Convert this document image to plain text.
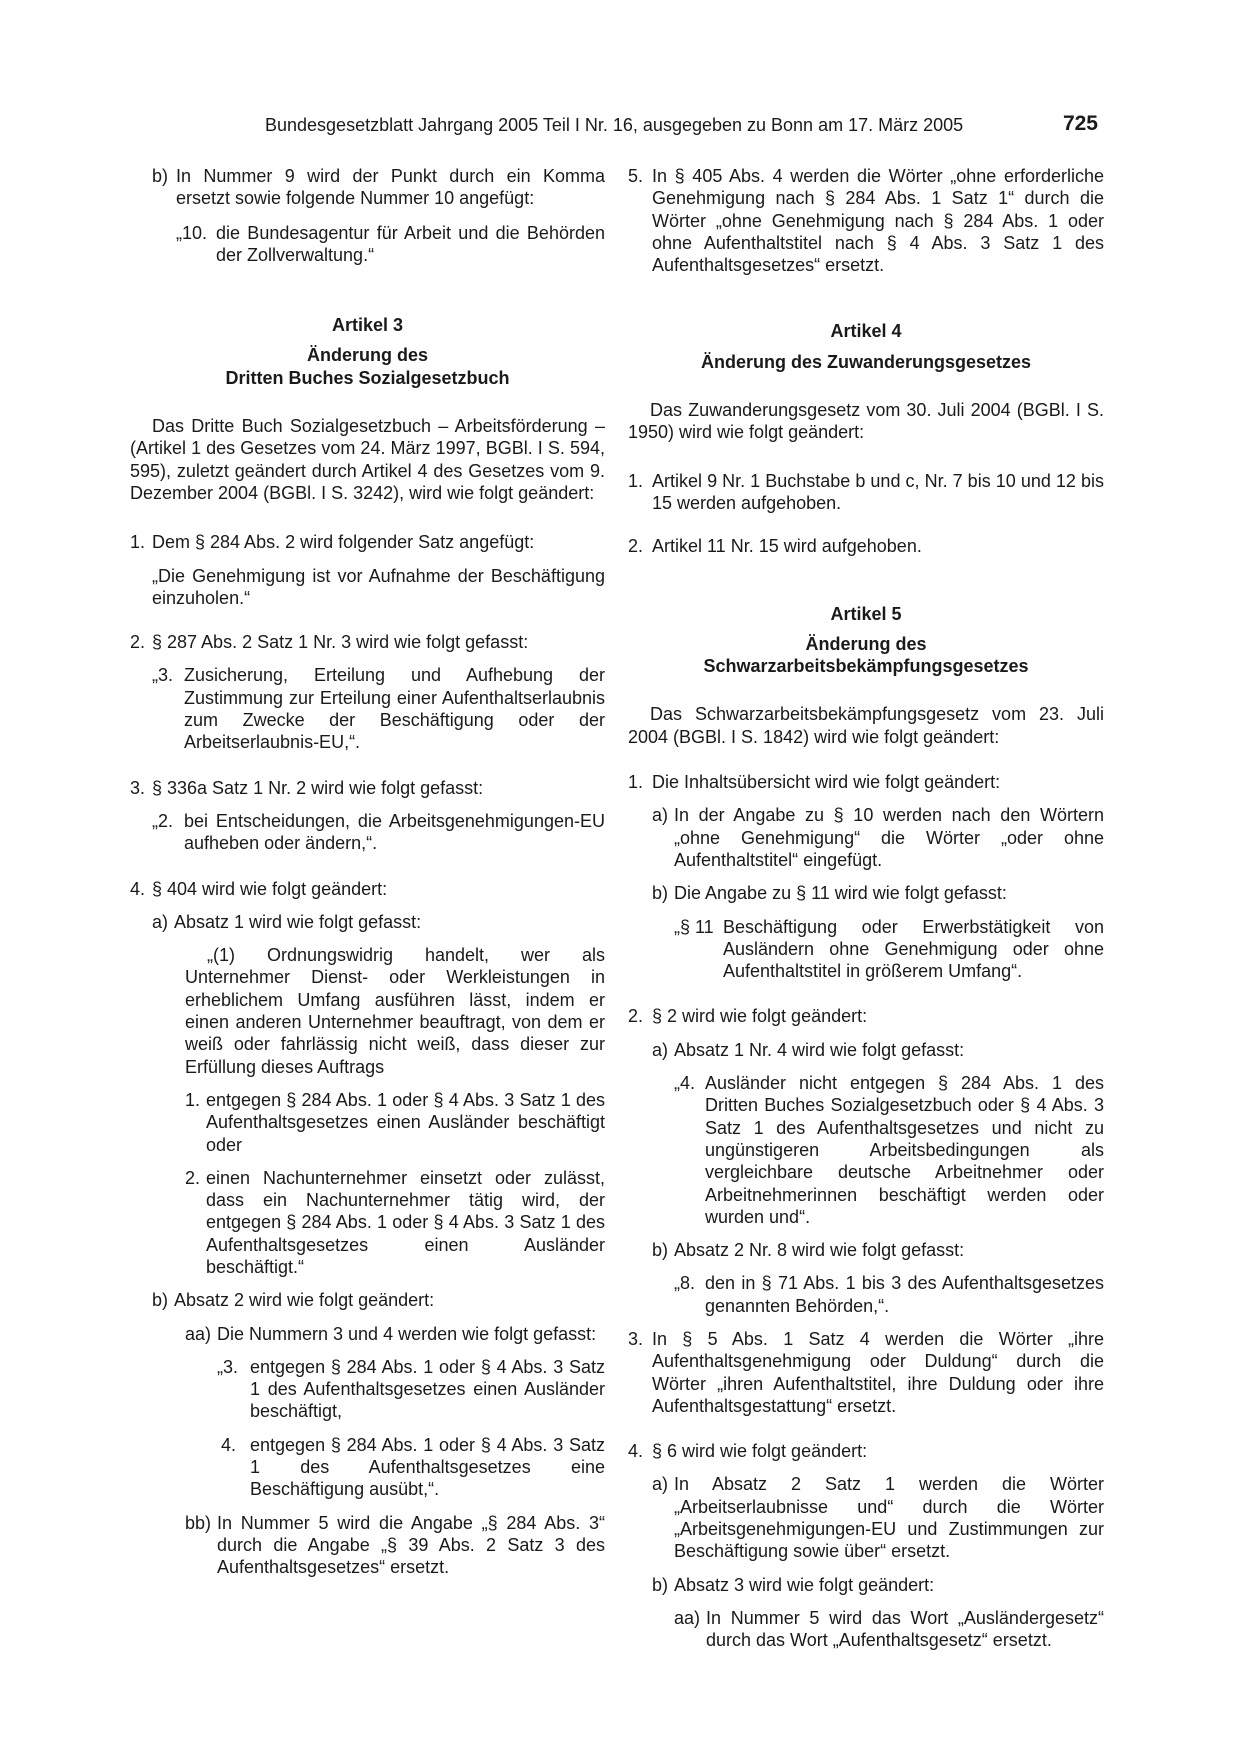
Bundesgesetzblatt Jahrgang 2005 Teil I Nr. 16, ausgegeben zu Bonn am 17. März 2005	725
b) In Nummer 9 wird der Punkt durch ein Komma ersetzt sowie folgende Nummer 10 angefügt:
„10. die Bundesagentur für Arbeit und die Behörden der Zollverwaltung.“
Artikel 3
Änderung des
Dritten Buches Sozialgesetzbuch
Das Dritte Buch Sozialgesetzbuch – Arbeitsförderung – (Artikel 1 des Gesetzes vom 24. März 1997, BGBl. I S. 594, 595), zuletzt geändert durch Artikel 4 des Gesetzes vom 9. Dezember 2004 (BGBl. I S. 3242), wird wie folgt geändert:
1. Dem § 284 Abs. 2 wird folgender Satz angefügt:
„Die Genehmigung ist vor Aufnahme der Beschäftigung einzuholen.“
2. § 287 Abs. 2 Satz 1 Nr. 3 wird wie folgt gefasst:
„3. Zusicherung, Erteilung und Aufhebung der Zustimmung zur Erteilung einer Aufenthaltserlaubnis zum Zwecke der Beschäftigung oder der Arbeitserlaubnis-EU,“.
3. § 336a Satz 1 Nr. 2 wird wie folgt gefasst:
„2. bei Entscheidungen, die Arbeitsgenehmigungen-EU aufheben oder ändern,“.
4. § 404 wird wie folgt geändert:
a) Absatz 1 wird wie folgt gefasst:
„(1) Ordnungswidrig handelt, wer als Unternehmer Dienst- oder Werkleistungen in erheblichem Umfang ausführen lässt, indem er einen anderen Unternehmer beauftragt, von dem er weiß oder fahrlässig nicht weiß, dass dieser zur Erfüllung dieses Auftrags
1. entgegen § 284 Abs. 1 oder § 4 Abs. 3 Satz 1 des Aufenthaltsgesetzes einen Ausländer beschäftigt oder
2. einen Nachunternehmer einsetzt oder zulässt, dass ein Nachunternehmer tätig wird, der entgegen § 284 Abs. 1 oder § 4 Abs. 3 Satz 1 des Aufenthaltsgesetzes einen Ausländer beschäftigt.“
b) Absatz 2 wird wie folgt geändert:
aa) Die Nummern 3 und 4 werden wie folgt gefasst:
„3. entgegen § 284 Abs. 1 oder § 4 Abs. 3 Satz 1 des Aufenthaltsgesetzes einen Ausländer beschäftigt,
4. entgegen § 284 Abs. 1 oder § 4 Abs. 3 Satz 1 des Aufenthaltsgesetzes eine Beschäftigung ausübt,“.
bb) In Nummer 5 wird die Angabe „§ 284 Abs. 3“ durch die Angabe „§ 39 Abs. 2 Satz 3 des Aufenthaltsgesetzes“ ersetzt.
5. In § 405 Abs. 4 werden die Wörter „ohne erforderliche Genehmigung nach § 284 Abs. 1 Satz 1“ durch die Wörter „ohne Genehmigung nach § 284 Abs. 1 oder ohne Aufenthaltstitel nach § 4 Abs. 3 Satz 1 des Aufenthaltsgesetzes“ ersetzt.
Artikel 4
Änderung des Zuwanderungsgesetzes
Das Zuwanderungsgesetz vom 30. Juli 2004 (BGBl. I S. 1950) wird wie folgt geändert:
1. Artikel 9 Nr. 1 Buchstabe b und c, Nr. 7 bis 10 und 12 bis 15 werden aufgehoben.
2. Artikel 11 Nr. 15 wird aufgehoben.
Artikel 5
Änderung des
Schwarzarbeitsbekämpfungsgesetzes
Das Schwarzarbeitsbekämpfungsgesetz vom 23. Juli 2004 (BGBl. I S. 1842) wird wie folgt geändert:
1. Die Inhaltsübersicht wird wie folgt geändert:
a) In der Angabe zu § 10 werden nach den Wörtern „ohne Genehmigung“ die Wörter „oder ohne Aufenthaltstitel“ eingefügt.
b) Die Angabe zu § 11 wird wie folgt gefasst:
„§ 11 Beschäftigung oder Erwerbstätigkeit von Ausländern ohne Genehmigung oder ohne Aufenthaltstitel in größerem Umfang“.
2. § 2 wird wie folgt geändert:
a) Absatz 1 Nr. 4 wird wie folgt gefasst:
„4. Ausländer nicht entgegen § 284 Abs. 1 des Dritten Buches Sozialgesetzbuch oder § 4 Abs. 3 Satz 1 des Aufenthaltsgesetzes und nicht zu ungünstigeren Arbeitsbedingungen als vergleichbare deutsche Arbeitnehmer oder Arbeitnehmerinnen beschäftigt werden oder wurden und“.
b) Absatz 2 Nr. 8 wird wie folgt gefasst:
„8. den in § 71 Abs. 1 bis 3 des Aufenthaltsgesetzes genannten Behörden,“.
3. In § 5 Abs. 1 Satz 4 werden die Wörter „ihre Aufenthaltsgenehmigung oder Duldung“ durch die Wörter „ihren Aufenthaltstitel, ihre Duldung oder ihre Aufenthaltsgestattung“ ersetzt.
4. § 6 wird wie folgt geändert:
a) In Absatz 2 Satz 1 werden die Wörter „Arbeitserlaubnisse und“ durch die Wörter „Arbeitsgenehmigungen-EU und Zustimmungen zur Beschäftigung sowie über“ ersetzt.
b) Absatz 3 wird wie folgt geändert:
aa) In Nummer 5 wird das Wort „Ausländergesetz“ durch das Wort „Aufenthaltsgesetz“ ersetzt.
